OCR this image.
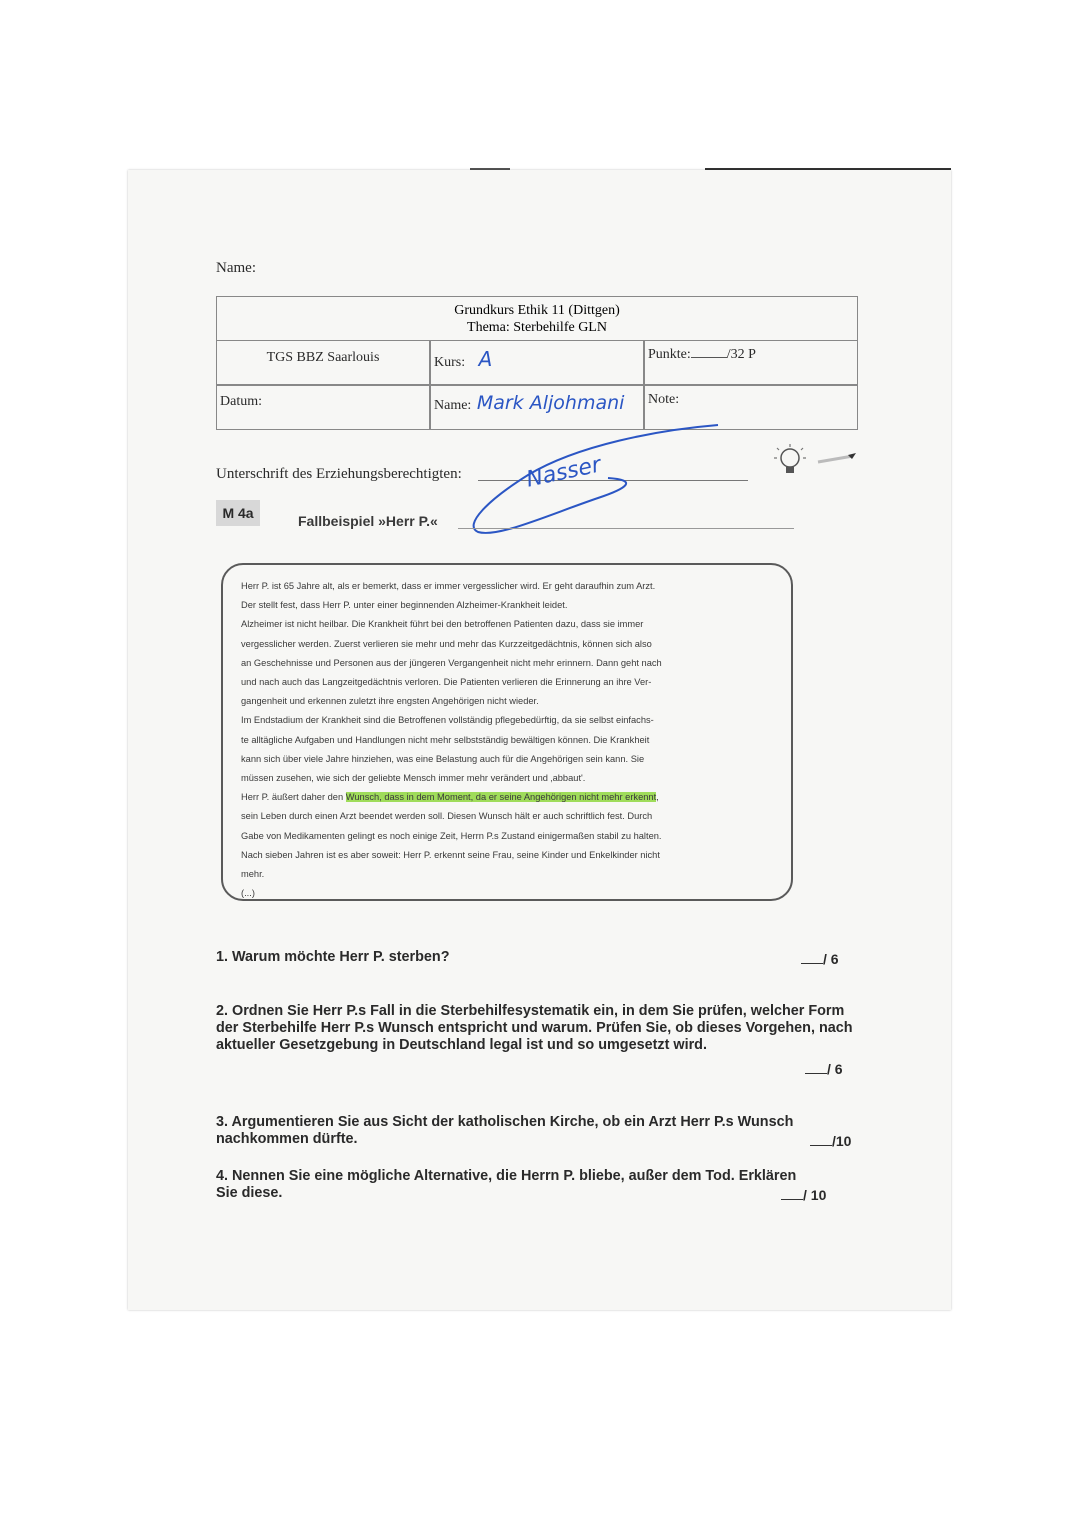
Name:
Grundkurs Ethik 11 (Dittgen)
Thema: Sterbehilfe GLN
TGS BBZ Saarlouis	Kurs: A	Punkte:	/32 P
Datum:	Name: Mark Aljohmani	Note:
Unterschrift des Erziehungsberechtigten:	Nasser
M 4a	Fallbeispiel »Herr P.«

Herr P. ist 65 Jahre alt, als er bemerkt, dass er immer vergesslicher wird. Er geht daraufhin zum Arzt.

Der stellt fest, dass Herr P. unter einer beginnenden Alzheimer-Krankheit leidet.

Alzheimer ist nicht heilbar. Die Krankheit führt bei den betroffenen Patienten dazu, dass sie immer

vergesslicher werden. Zuerst verlieren sie mehr und mehr das Kurzzeitgedächtnis, können sich also

an Geschehnisse und Personen aus der jüngeren Vergangenheit nicht mehr erinnern. Dann geht nach

und nach auch das Langzeitgedächtnis verloren. Die Patienten verlieren die Erinnerung an ihre Ver-

gangenheit und erkennen zuletzt ihre engsten Angehörigen nicht wieder.

Im Endstadium der Krankheit sind die Betroffenen vollständig pflegebedürftig, da sie selbst einfachs-

te alltägliche Aufgaben und Handlungen nicht mehr selbstständig bewältigen können. Die Krankheit

kann sich über viele Jahre hinziehen, was eine Belastung auch für die Angehörigen sein kann. Sie

müssen zusehen, wie sich der geliebte Mensch immer mehr verändert und ‚abbaut'.

Herr P. äußert daher den Wunsch, dass in dem Moment, da er seine Angehörigen nicht mehr erkennt,

sein Leben durch einen Arzt beendet werden soll. Diesen Wunsch hält er auch schriftlich fest. Durch

Gabe von Medikamenten gelingt es noch einige Zeit, Herrn P.s Zustand einigermaßen stabil zu halten.

Nach sieben Jahren ist es aber soweit: Herr P. erkennt seine Frau, seine Kinder und Enkelkinder nicht

mehr.

(...)

1. Warum möchte Herr P. sterben?	/ 6
2. Ordnen Sie Herr P.s Fall in die Sterbehilfesystematik ein, in dem Sie prüfen, welcher Form der Sterbehilfe Herr P.s Wunsch entspricht und warum. Prüfen Sie, ob dieses Vorgehen, nach aktueller Gesetzgebung in Deutschland legal ist und so umgesetzt wird.
/ 6
3. Argumentieren Sie aus Sicht der katholischen Kirche, ob ein Arzt Herr P.s Wunsch nachkommen dürfte.	/10
4. Nennen Sie eine mögliche Alternative, die Herrn P. bliebe, außer dem Tod. Erklären Sie diese.	/ 10
